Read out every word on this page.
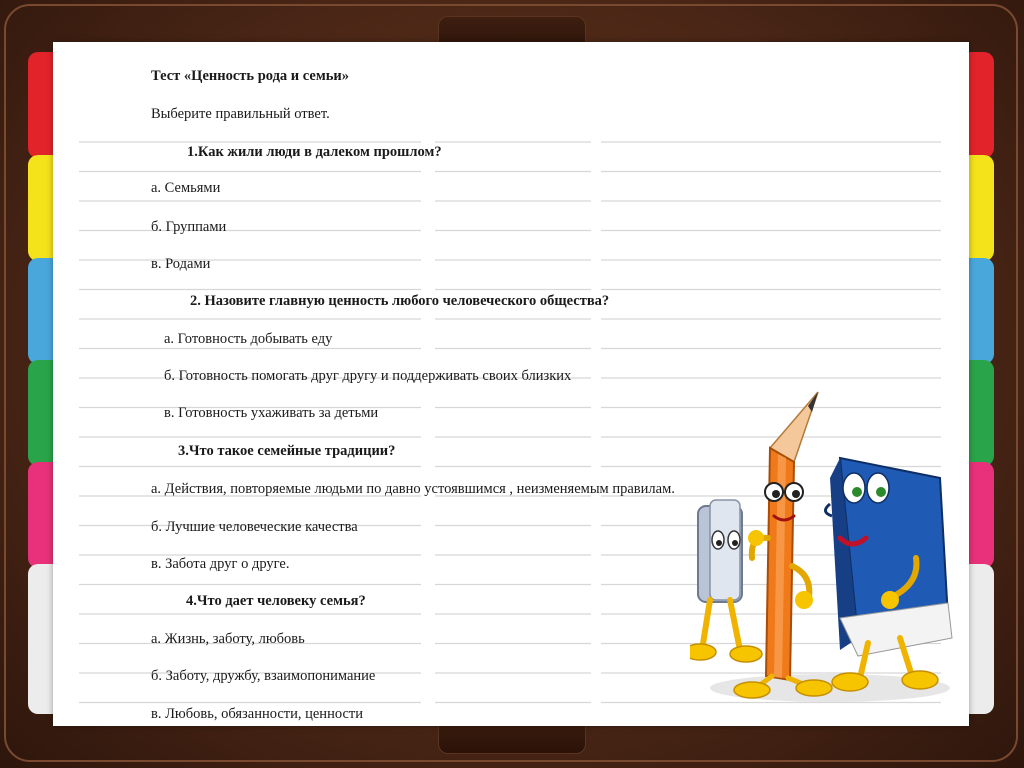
Тест «Ценность рода и семьи»
Выберите правильный ответ.
1.Как жили люди в далеком прошлом?
а. Семьями
б. Группами
в. Родами
2. Назовите главную ценность любого человеческого общества?
а. Готовность добывать еду
б. Готовность помогать друг другу и поддерживать своих близких
в. Готовность ухаживать за детьми
3.Что такое семейные традиции?
а. Действия, повторяемые людьми по давно устоявшимся , неизменяемым правилам.
б. Лучшие человеческие качества
в. Забота друг о друге.
4.Что дает человеку семья?
а. Жизнь, заботу, любовь
б. Заботу, дружбу, взаимопонимание
в. Любовь, обязанности, ценности
